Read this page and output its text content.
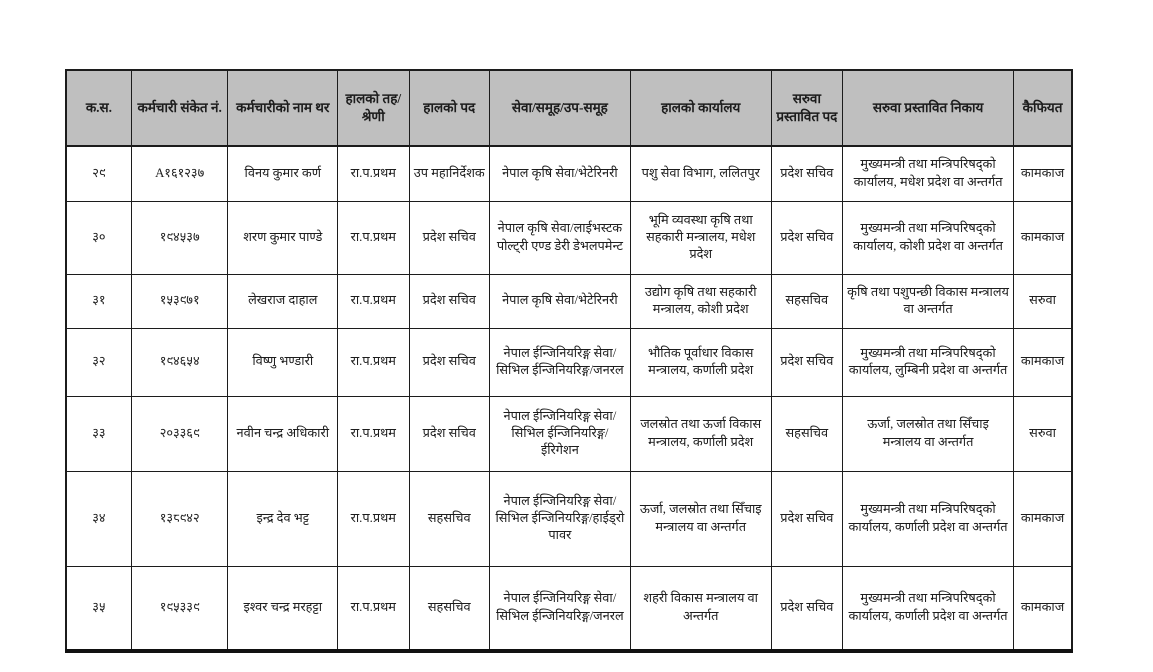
क.स.	कर्मचारी संकेत नं.	कर्मचारीको नाम थर	हालको तह/श्रेणी	हालको पद	सेवा/समूह/उप-समूह	हालको कार्यालय	सरुवा प्रस्तावित पद	सरुवा प्रस्तावित निकाय	कैफियत
२९	A१६१२३७	विनय कुमार कर्ण	रा.प.प्रथम	उप महानिर्देशक	नेपाल कृषि सेवा/भेटेरिनरी	पशु सेवा विभाग, ललितपुर	प्रदेश सचिव	मुख्यमन्त्री तथा मन्त्रिपरिषद्को कार्यालय, मधेश प्रदेश वा अन्तर्गत	कामकाज
३०	१९४५३७	शरण कुमार पाण्डे	रा.प.प्रथम	प्रदेश सचिव	नेपाल कृषि सेवा/लाईभस्टक पोल्ट्री एण्ड डेरी डेभलपमेन्ट	भूमि व्यवस्था कृषि तथा सहकारी मन्त्रालय, मधेश प्रदेश	प्रदेश सचिव	मुख्यमन्त्री तथा मन्त्रिपरिषद्को कार्यालय, कोशी प्रदेश वा अन्तर्गत	कामकाज
३१	१५३९७१	लेखराज दाहाल	रा.प.प्रथम	प्रदेश सचिव	नेपाल कृषि सेवा/भेटेरिनरी	उद्योग कृषि तथा सहकारी मन्त्रालय, कोशी प्रदेश	सहसचिव	कृषि तथा पशुपन्छी विकास मन्त्रालय वा अन्तर्गत	सरुवा
३२	१९४६५४	विष्णु भण्डारी	रा.प.प्रथम	प्रदेश सचिव	नेपाल ईन्जिनियरिङ्ग सेवा/सिभिल ईन्जिनियरिङ्ग/जनरल	भौतिक पूर्वाधार विकास मन्त्रालय, कर्णाली प्रदेश	प्रदेश सचिव	मुख्यमन्त्री तथा मन्त्रिपरिषद्को कार्यालय, लुम्बिनी प्रदेश वा अन्तर्गत	कामकाज
३३	२०३३६९	नवीन चन्द्र अधिकारी	रा.प.प्रथम	प्रदेश सचिव	नेपाल ईन्जिनियरिङ्ग सेवा/सिभिल ईन्जिनियरिङ्ग/ईरिगेशन	जलस्रोत तथा ऊर्जा विकास मन्त्रालय, कर्णाली प्रदेश	सहसचिव	ऊर्जा, जलस्रोत तथा सिँचाइ मन्त्रालय वा अन्तर्गत	सरुवा
३४	१३८९४२	इन्द्र देव भट्ट	रा.प.प्रथम	सहसचिव	नेपाल ईन्जिनियरिङ्ग सेवा/सिभिल ईन्जिनियरिङ्ग/हाईड्रो पावर	ऊर्जा, जलस्रोत तथा सिँचाइ मन्त्रालय वा अन्तर्गत	प्रदेश सचिव	मुख्यमन्त्री तथा मन्त्रिपरिषद्को कार्यालय, कर्णाली प्रदेश वा अन्तर्गत	कामकाज
३५	१९५३३९	इश्वर चन्द्र मरहट्टा	रा.प.प्रथम	सहसचिव	नेपाल ईन्जिनियरिङ्ग सेवा/सिभिल ईन्जिनियरिङ्ग/जनरल	शहरी विकास मन्त्रालय वा अन्तर्गत	प्रदेश सचिव	मुख्यमन्त्री तथा मन्त्रिपरिषद्को कार्यालय, कर्णाली प्रदेश वा अन्तर्गत	कामकाज
